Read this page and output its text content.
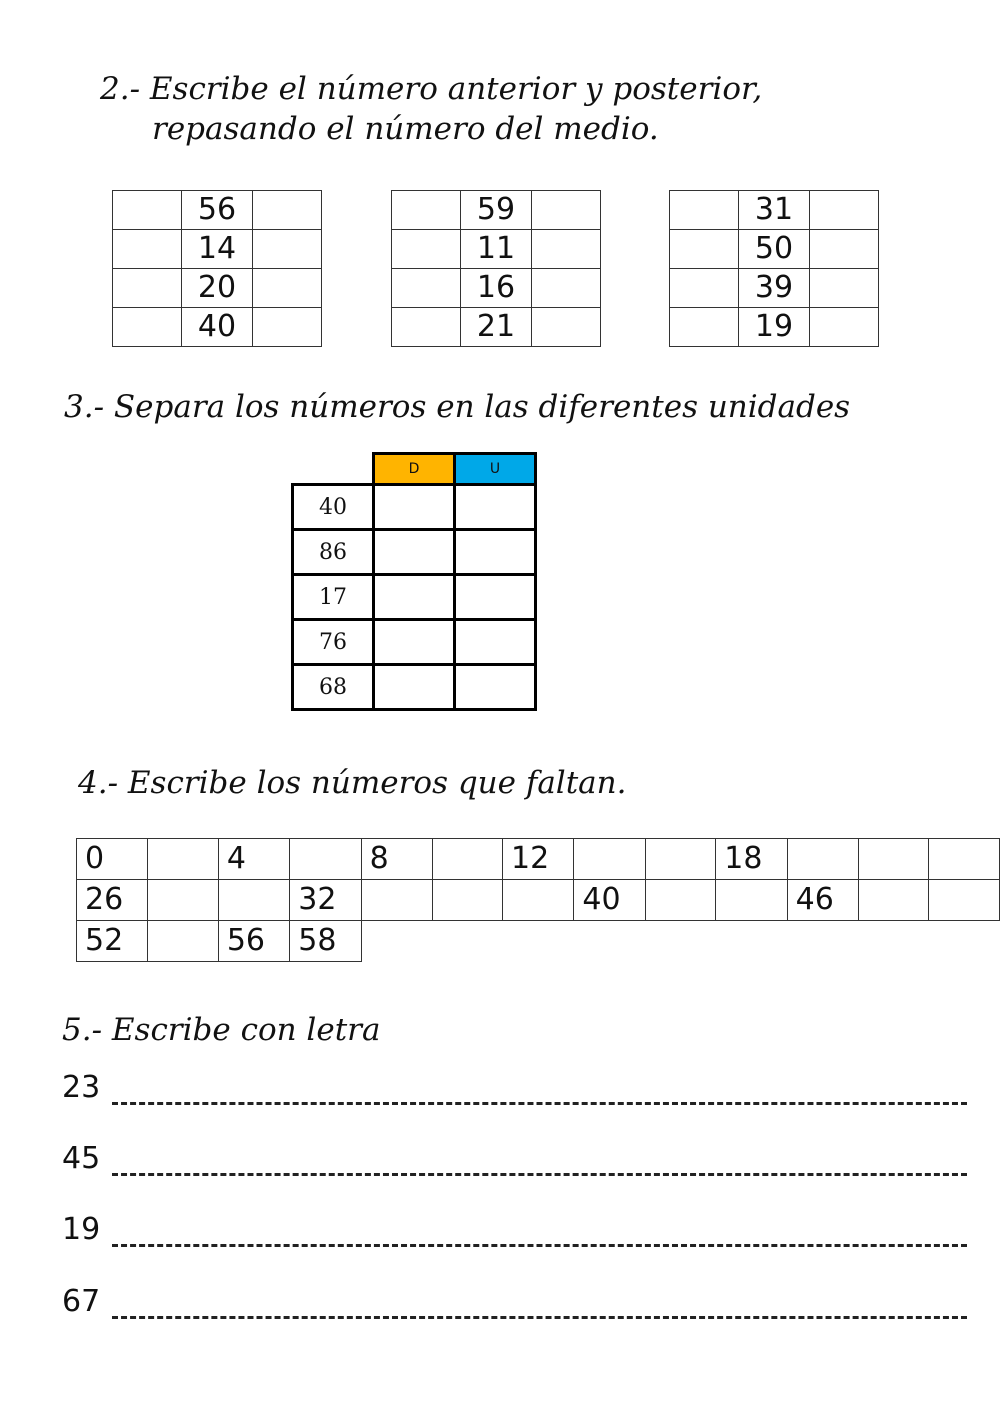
2.- Escribe el número anterior y posterior,
repasando el número del medio.
	56	
	14	
	20	
	40	
	59	
	11	
	16	
	21	
	31	
	50	
	39	
	19	
3.- Separa los números en las diferentes unidades
	D	U
40		
86		
17		
76		
68		
4.- Escribe los números que faltan.
0		4		8		12			18			
26			32				40			46		
52		56	58									
5.- Escribe con letra
23
45
19
67
